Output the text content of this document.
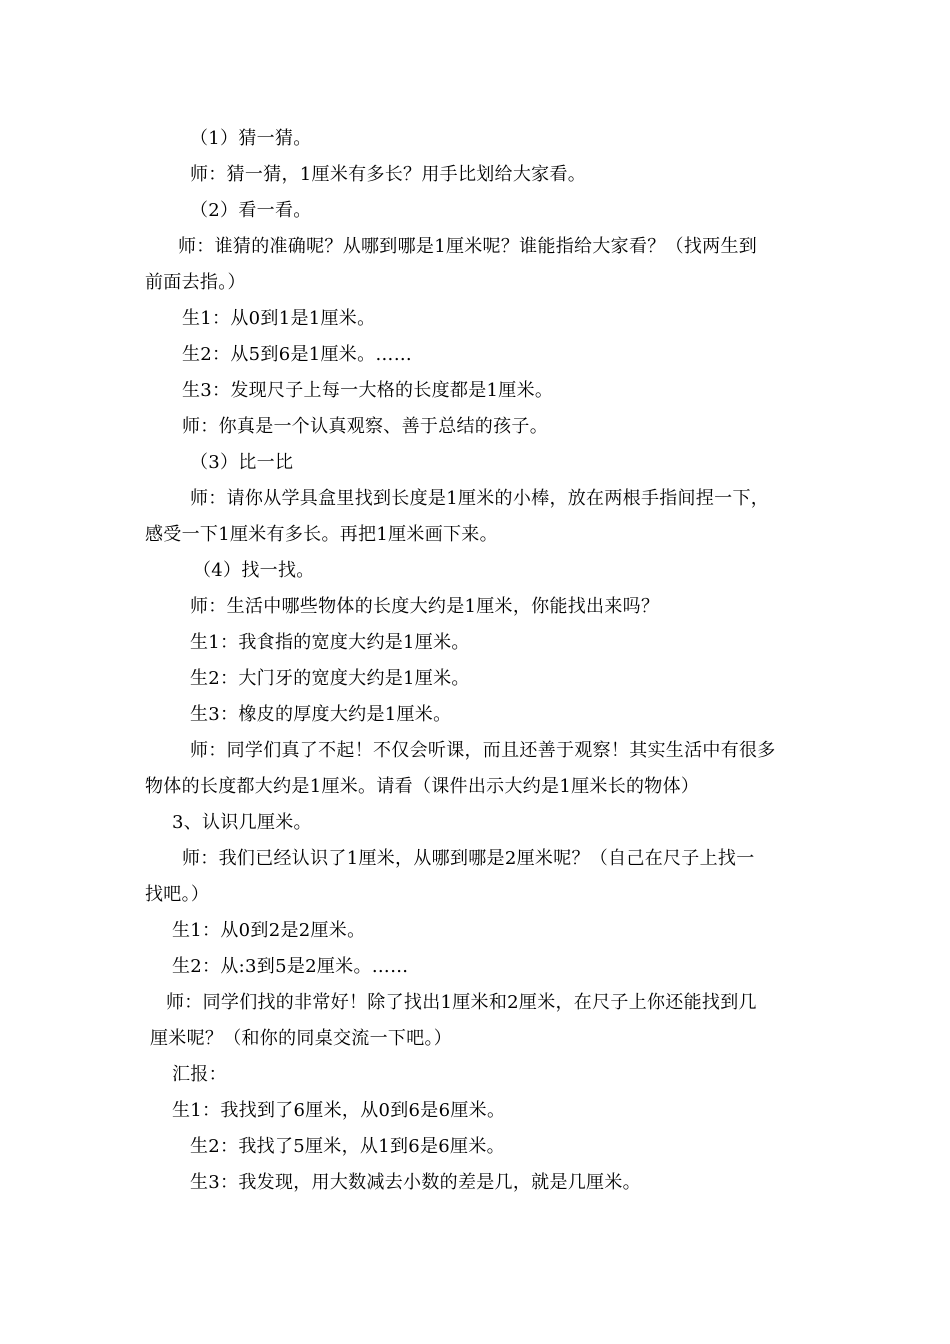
（1）猜一猜。
师：猜一猜，1厘米有多长？用手比划给大家看。
（2）看一看。
师：谁猜的准确呢？从哪到哪是1厘米呢？谁能指给大家看？（找两生到
前面去指。）
生1：从0到1是1厘米。
生2：从5到6是1厘米。……
生3：发现尺子上每一大格的长度都是1厘米。
师：你真是一个认真观察、善于总结的孩子。
（3）比一比
师：请你从学具盒里找到长度是1厘米的小棒，放在两根手指间捏一下，
感受一下1厘米有多长。再把1厘米画下来。
（4）找一找。
师：生活中哪些物体的长度大约是1厘米，你能找出来吗？
生1：我食指的宽度大约是1厘米。
生2：大门牙的宽度大约是1厘米。
生3：橡皮的厚度大约是1厘米。
师：同学们真了不起！不仅会听课，而且还善于观察！其实生活中有很多
物体的长度都大约是1厘米。请看（课件出示大约是1厘米长的物体）
3、认识几厘米。
师：我们已经认识了1厘米，从哪到哪是2厘米呢？（自己在尺子上找一
找吧。）
生1：从0到2是2厘米。
生2：从:3到5是2厘米。……
师：同学们找的非常好！除了找出1厘米和2厘米，在尺子上你还能找到几
厘米呢？（和你的同桌交流一下吧。）
汇报：
生1：我找到了6厘米，从0到6是6厘米。
生2：我找了5厘米，从1到6是6厘米。
生3：我发现，用大数减去小数的差是几，就是几厘米。
